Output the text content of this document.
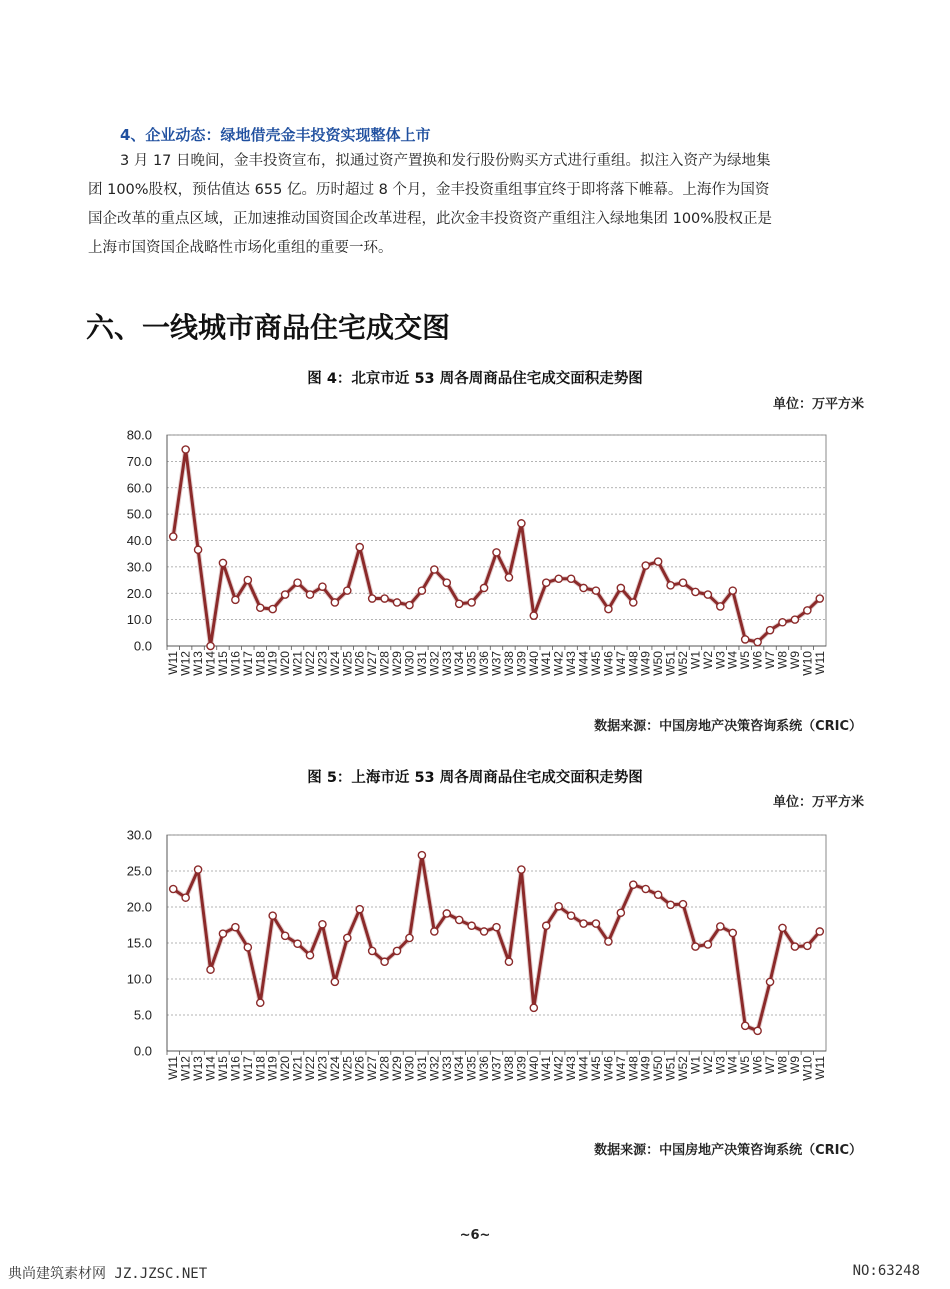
4、企业动态：绿地借壳金丰投资实现整体上市
3 月 17 日晚间，金丰投资宣布，拟通过资产置换和发行股份购买方式进行重组。拟注入资产为绿地集
团 100%股权，预估值达 655 亿。历时超过 8 个月，金丰投资重组事宜终于即将落下帷幕。上海作为国资
国企改革的重点区域，正加速推动国资国企改革进程，此次金丰投资资产重组注入绿地集团 100%股权正是
上海市国资国企战略性市场化重组的重要一环。
六、一线城市商品住宅成交图
图 4：北京市近 53 周各周商品住宅成交面积走势图
单位：万平方米
0.0
10.0
20.0
30.0
40.0
50.0
60.0
70.0
80.0
W11
W12
W13
W14
W15
W16
W17
W18
W19
W20
W21
W22
W23
W24
W25
W26
W27
W28
W29
W30
W31
W32
W33
W34
W35
W36
W37
W38
W39
W40
W41
W42
W43
W44
W45
W46
W47
W48
W49
W50
W51
W52
W1
W2
W3
W4
W5
W6
W7
W8
W9
W10
W11
数据来源：中国房地产决策咨询系统（CRIC）
图 5：上海市近 53 周各周商品住宅成交面积走势图
单位：万平方米
0.0
5.0
10.0
15.0
20.0
25.0
30.0
W11
W12
W13
W14
W15
W16
W17
W18
W19
W20
W21
W22
W23
W24
W25
W26
W27
W28
W29
W30
W31
W32
W33
W34
W35
W36
W37
W38
W39
W40
W41
W42
W43
W44
W45
W46
W47
W48
W49
W50
W51
W52
W1
W2
W3
W4
W5
W6
W7
W8
W9
W10
W11
数据来源：中国房地产决策咨询系统（CRIC）
~6~
典尚建筑素材网 JZ.JZSC.NET	NO:63248
